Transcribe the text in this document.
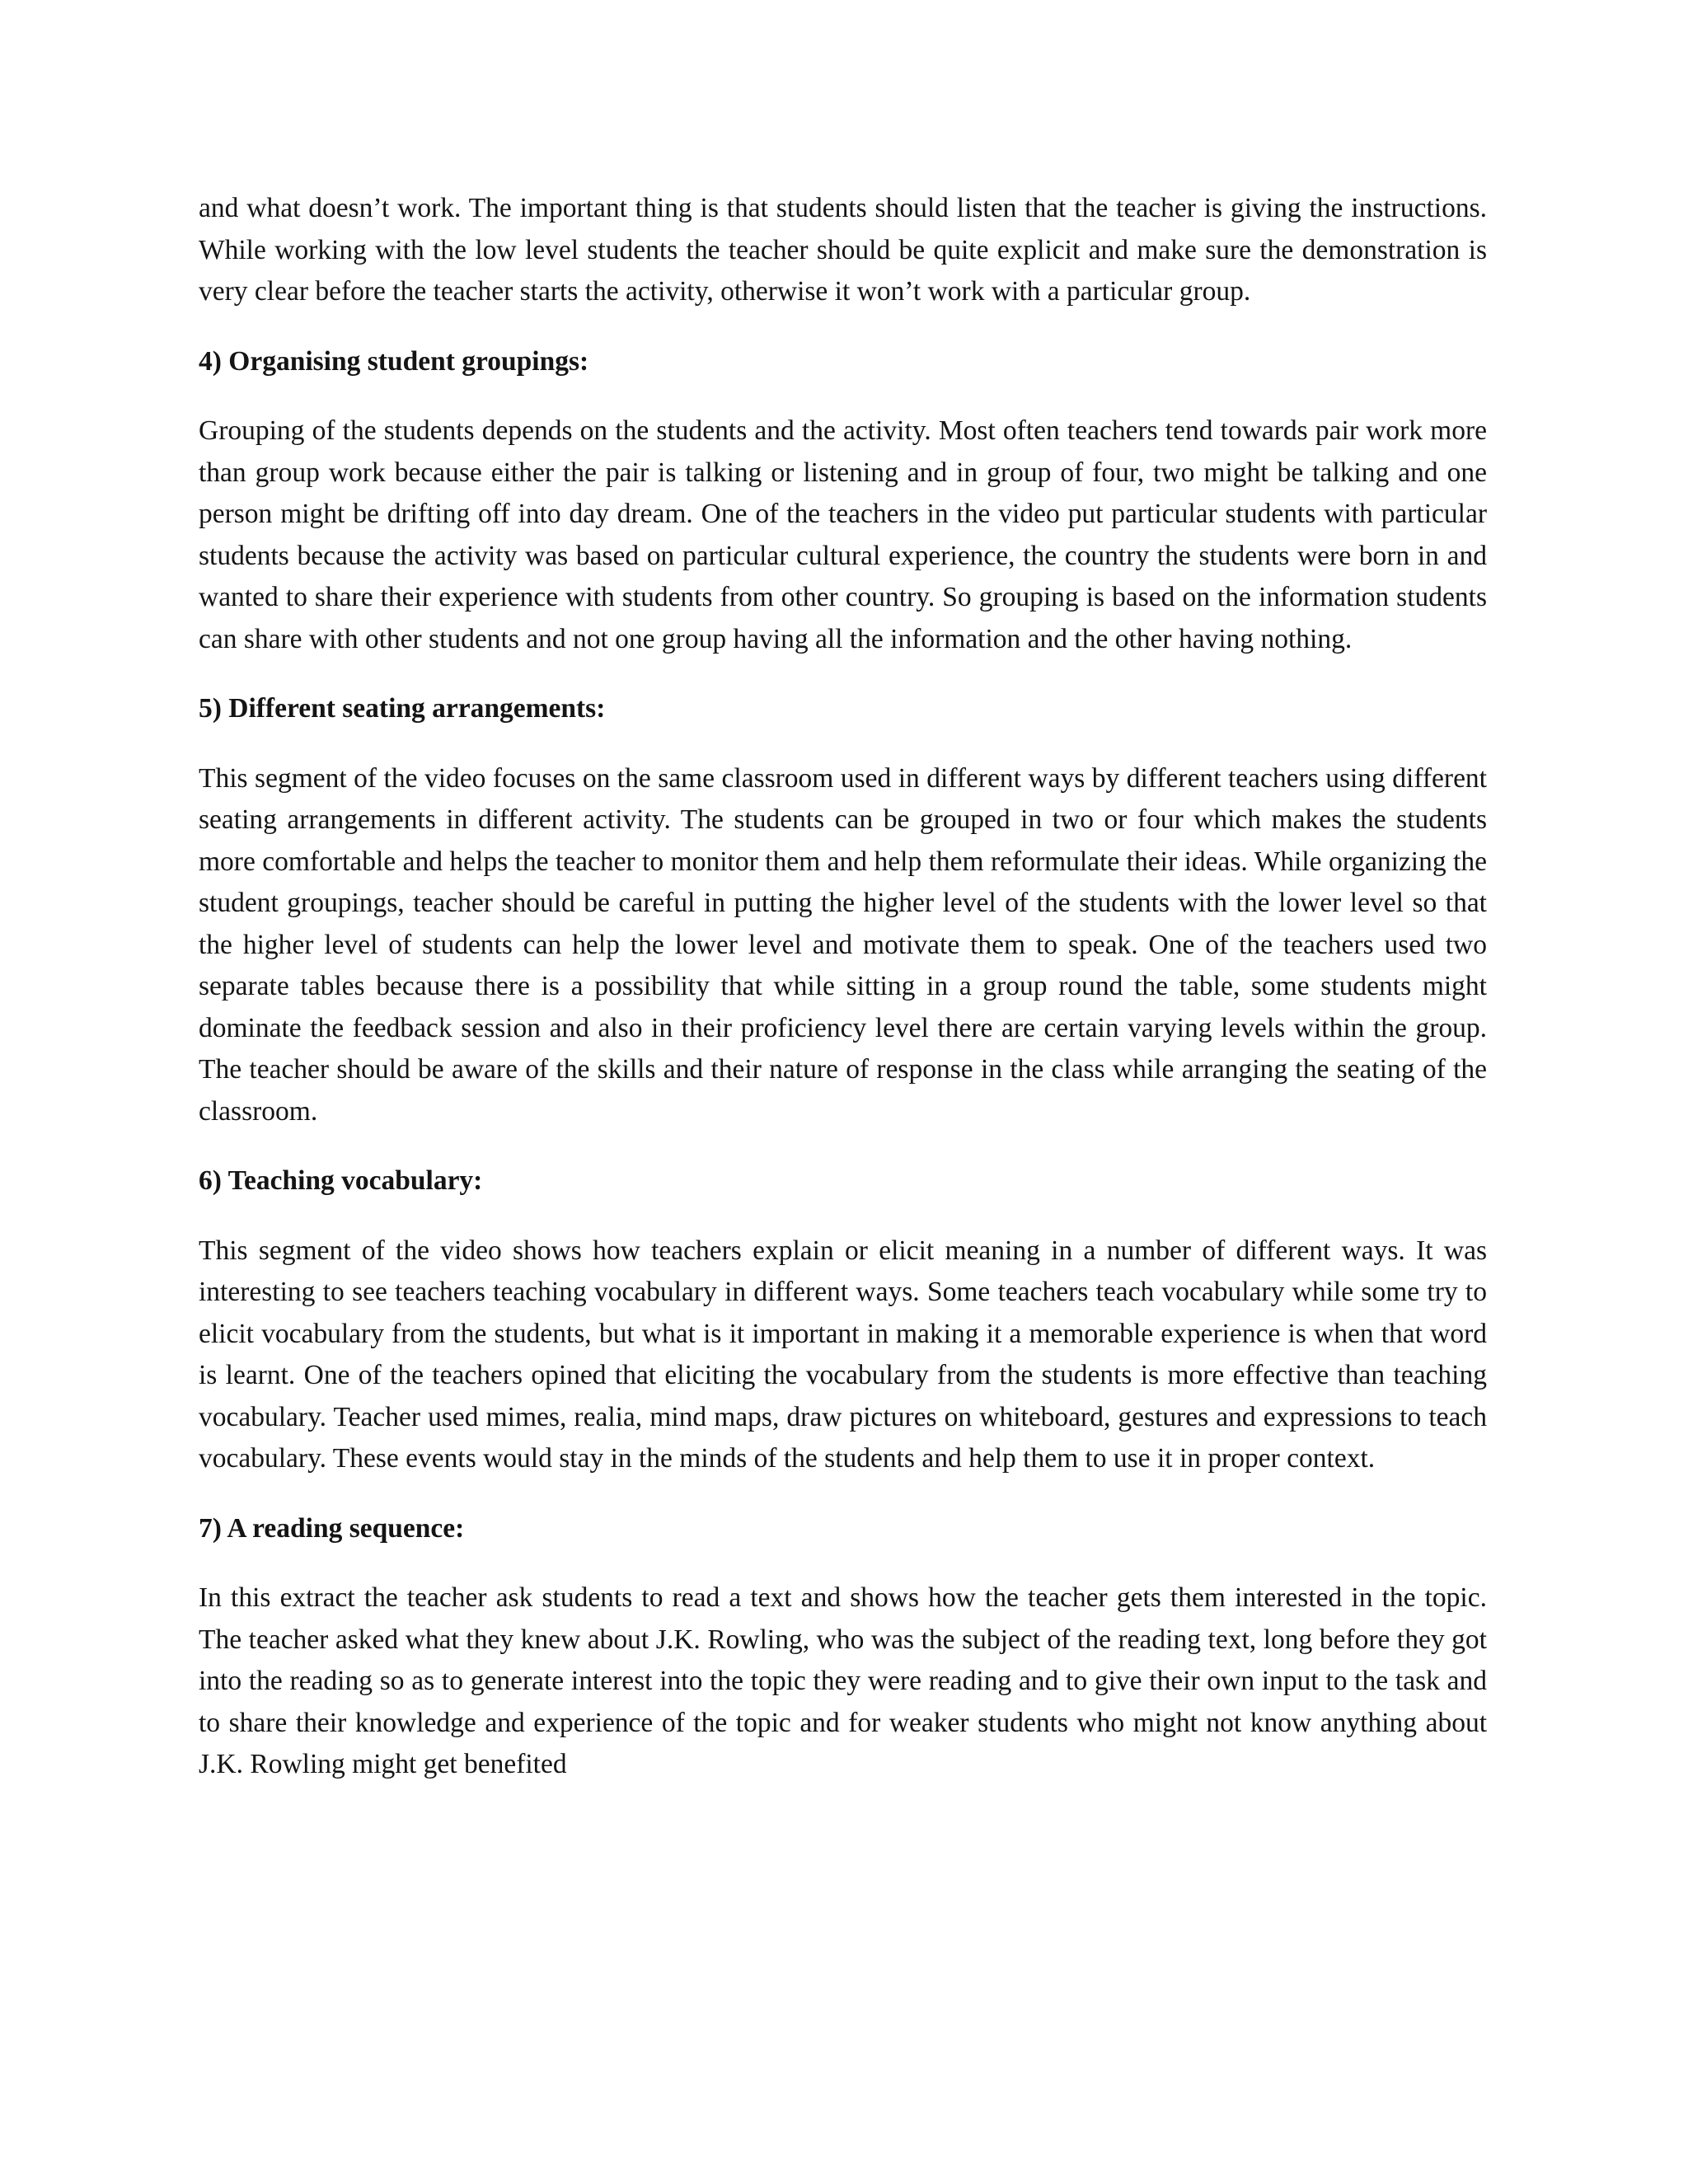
and what doesn’t work. The important thing is that students should listen that the teacher is giving the instructions. While working with the low level students the teacher should be quite explicit and make sure the demonstration is very clear before the teacher starts the activity, otherwise it won’t work with a particular group.

4) Organising student groupings:

Grouping of the students depends on the students and the activity. Most often teachers tend towards pair work more than group work because either the pair is talking or listening and in group of four, two might be talking and one person might be drifting off into day dream. One of the teachers in the video put particular students with particular students because the activity was based on particular cultural experience, the country the students were born in and wanted to share their experience with students from other country. So grouping is based on the information students can share with other students and not one group having all the information and the other having nothing.

5) Different seating arrangements:

This segment of the video focuses on the same classroom used in different ways by different teachers using different seating arrangements in different activity. The students can be grouped in two or four which makes the students more comfortable and helps the teacher to monitor them and help them reformulate their ideas. While organizing the student groupings, teacher should be careful in putting the higher level of the students with the lower level so that the higher level of students can help the lower level and motivate them to speak. One of the teachers used two separate tables because there is a possibility that while sitting in a group round the table, some students might dominate the feedback session and also in their proficiency level there are certain varying levels within the group. The teacher should be aware of the skills and their nature of response in the class while arranging the seating of the classroom.

6) Teaching vocabulary:

This segment of the video shows how teachers explain or elicit meaning in a number of different ways. It was interesting to see teachers teaching vocabulary in different ways. Some teachers teach vocabulary while some try to elicit vocabulary from the students, but what is it important in making it a memorable experience is when that word is learnt. One of the teachers opined that eliciting the vocabulary from the students is more effective than teaching vocabulary. Teacher used mimes, realia, mind maps, draw pictures on whiteboard, gestures and expressions to teach vocabulary. These events would stay in the minds of the students and help them to use it in proper context.

7) A reading sequence:

In this extract the teacher ask students to read a text and shows how the teacher gets them interested in the topic. The teacher asked what they knew about J.K. Rowling, who was the subject of the reading text, long before they got into the reading so as to generate interest into the topic they were reading and to give their own input to the task and to share their knowledge and experience of the topic and for weaker students who might not know anything about J.K. Rowling might get benefited
